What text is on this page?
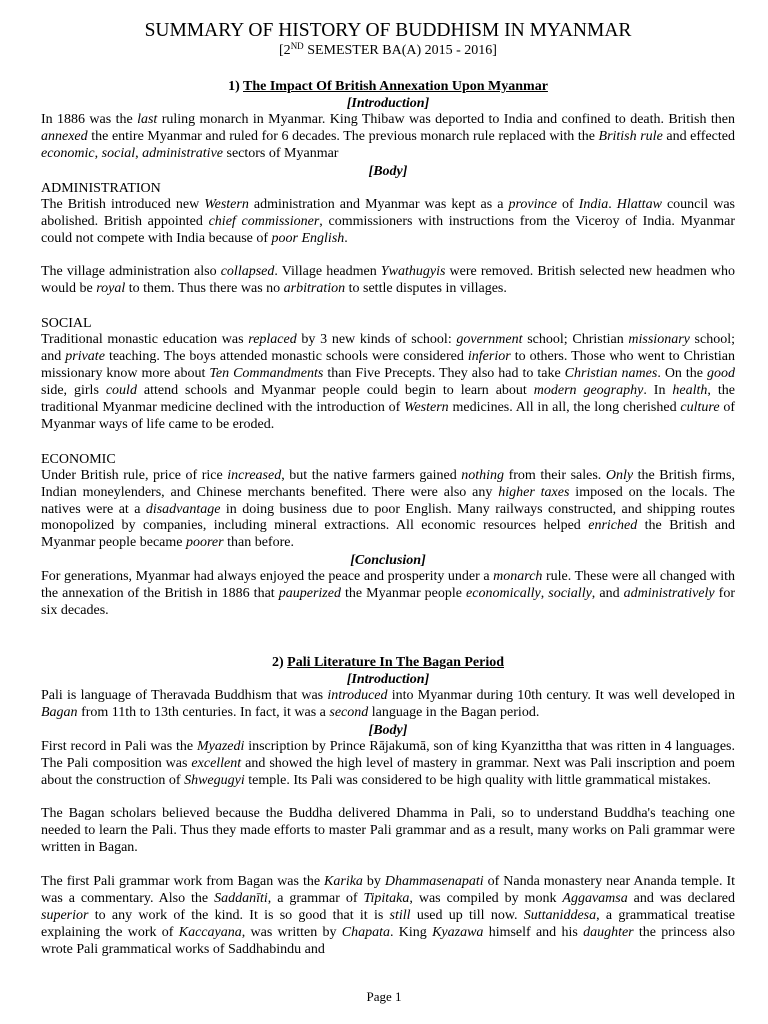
SUMMARY OF HISTORY OF BUDDHISM IN MYANMAR
[2ND SEMESTER BA(A) 2015 - 2016]
1) The Impact Of British Annexation Upon Myanmar
[Introduction]

In 1886 was the last ruling monarch in Myanmar. King Thibaw was deported to India and confined to death. British then annexed the entire Myanmar and ruled for 6 decades. The previous monarch rule replaced with the British rule and effected economic, social, administrative sectors of Myanmar

[Body]
ADMINISTRATION

The British introduced new Western administration and Myanmar was kept as a province of India. Hlattaw council was abolished. British appointed chief commissioner, commissioners with instructions from the Viceroy of India. Myanmar could not compete with India because of poor English.

The village administration also collapsed. Village headmen Ywathugyis were removed. British selected new headmen who would be royal to them. Thus there was no arbitration to settle disputes in villages.

SOCIAL

Traditional monastic education was replaced by 3 new kinds of school: government school; Christian missionary school; and private teaching. The boys attended monastic schools were considered inferior to others. Those who went to Christian missionary know more about Ten Commandments than Five Precepts. They also had to take Christian names. On the good side, girls could attend schools and Myanmar people could begin to learn about modern geography. In health, the traditional Myanmar medicine declined with the introduction of Western medicines. All in all, the long cherished culture of Myanmar ways of life came to be eroded.

ECONOMIC

Under British rule, price of rice increased, but the native farmers gained nothing from their sales. Only the British firms, Indian moneylenders, and Chinese merchants benefited. There were also any higher taxes imposed on the locals. The natives were at a disadvantage in doing business due to poor English. Many railways constructed, and shipping routes monopolized by companies, including mineral extractions. All economic resources helped enriched the British and Myanmar people became poorer than before.

[Conclusion]

For generations, Myanmar had always enjoyed the peace and prosperity under a monarch rule. These were all changed with the annexation of the British in 1886 that pauperized the Myanmar people economically, socially, and administratively for six decades.

2) Pali Literature In The Bagan Period
[Introduction]

Pali is language of Theravada Buddhism that was introduced into Myanmar during 10th century. It was well developed in Bagan from 11th to 13th centuries. In fact, it was a second language in the Bagan period.

[Body]

First record in Pali was the Myazedi inscription by Prince Rājakumā, son of king Kyanzittha that was ritten in 4 languages. The Pali composition was excellent and showed the high level of mastery in grammar. Next was Pali inscription and poem about the construction of Shwegugyi temple. Its Pali was considered to be high quality with little grammatical mistakes.

The Bagan scholars believed because the Buddha delivered Dhamma in Pali, so to understand Buddha's teaching one needed to learn the Pali. Thus they made efforts to master Pali grammar and as a result, many works on Pali grammar were written in Bagan.

The first Pali grammar work from Bagan was the Karika by Dhammasenapati of Nanda monastery near Ananda temple. It was a commentary. Also the Saddanīti, a grammar of Tipitaka, was compiled by monk Aggavamsa and was declared superior to any work of the kind. It is so good that it is still used up till now. Suttaniddesa, a grammatical treatise explaining the work of Kaccayana, was written by Chapata. King Kyazawa himself and his daughter the princess also wrote Pali grammatical works of Saddhabindu and

Page 1
